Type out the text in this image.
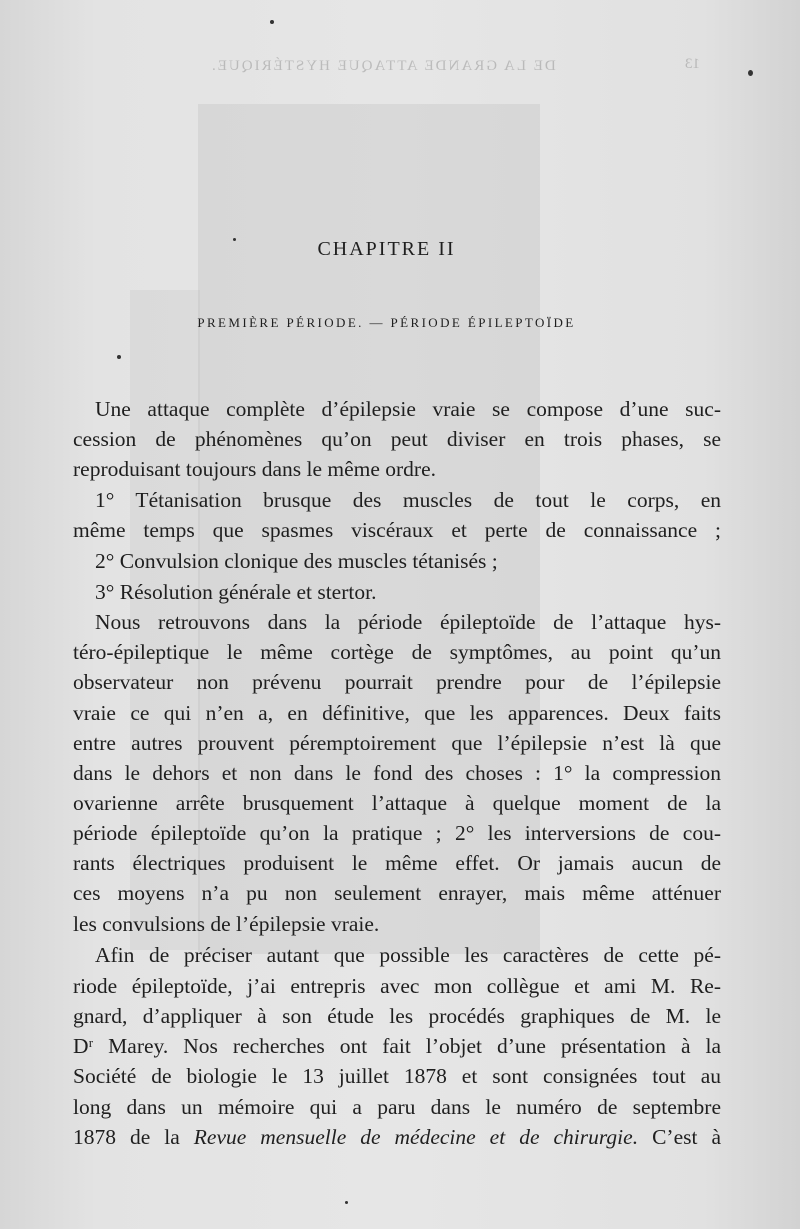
DE LA GRANDE ATTAQUE HYSTÉRIQUE.	13
CHAPITRE II
PREMIÈRE PÉRIODE. — PÉRIODE ÉPILEPTOÏDE
Une attaque complète d’épilepsie vraie se compose d’une suc-
cession de phénomènes qu’on peut diviser en trois phases, se
reproduisant toujours dans le même ordre.
1° Tétanisation brusque des muscles de tout le corps, en
même temps que spasmes viscéraux et perte de connaissance ;
2° Convulsion clonique des muscles tétanisés ;
3° Résolution générale et stertor.
Nous retrouvons dans la période épileptoïde de l’attaque hys-
téro-épileptique le même cortège de symptômes, au point qu’un
observateur non prévenu pourrait prendre pour de l’épilepsie
vraie ce qui n’en a, en définitive, que les apparences. Deux faits
entre autres prouvent péremptoirement que l’épilepsie n’est là que
dans le dehors et non dans le fond des choses : 1° la compression
ovarienne arrête brusquement l’attaque à quelque moment de la
période épileptoïde qu’on la pratique ; 2° les interversions de cou-
rants électriques produisent le même effet. Or jamais aucun de
ces moyens n’a pu non seulement enrayer, mais même atténuer
les convulsions de l’épilepsie vraie.
Afin de préciser autant que possible les caractères de cette pé-
riode épileptoïde, j’ai entrepris avec mon collègue et ami M. Re-
gnard, d’appliquer à son étude les procédés graphiques de M. le
Dʳ Marey. Nos recherches ont fait l’objet d’une présentation à la
Société de biologie le 13 juillet 1878 et sont consignées tout au
long dans un mémoire qui a paru dans le numéro de septembre
1878 de la Revue mensuelle de médecine et de chirurgie. C’est à
